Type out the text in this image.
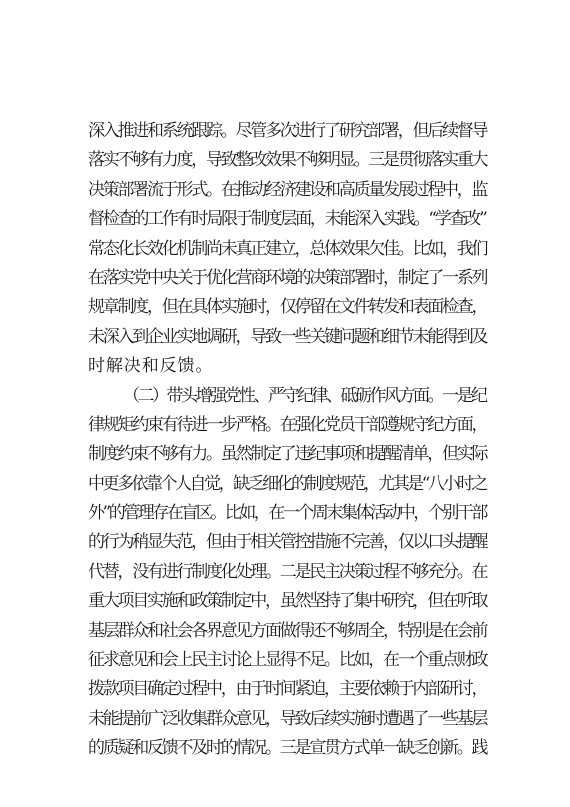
深入推进和系统跟踪。尽管多次进行了研究部署，但后续督导
落实不够有力度，导致整改效果不够明显。三是贯彻落实重大
决策部署流于形式。在推动经济建设和高质量发展过程中，监
督检查的工作有时局限于制度层面，未能深入实践。“学查改”
常态化长效化机制尚未真正建立，总体效果欠佳。比如，我们
在落实党中央关于优化营商环境的决策部署时，制定了一系列
规章制度，但在具体实施时，仅停留在文件转发和表面检查，
未深入到企业实地调研，导致一些关键问题和细节未能得到及
时解决和反馈。
（二）带头增强党性、严守纪律、砥砺作风方面。一是纪
律规矩约束有待进一步严格。在强化党员干部遵规守纪方面，
制度约束不够有力。虽然制定了违纪事项和提醒清单，但实际
中更多依靠个人自觉，缺乏细化的制度规范，尤其是“八小时之
外”的管理存在盲区。比如，在一个周末集体活动中，个别干部
的行为稍显失范，但由于相关管控措施不完善，仅以口头提醒
代替，没有进行制度化处理。二是民主决策过程不够充分。在
重大项目实施和政策制定中，虽然坚持了集中研究，但在听取
基层群众和社会各界意见方面做得还不够周全，特别是在会前
征求意见和会上民主讨论上显得不足。比如，在一个重点财政
拨款项目确定过程中，由于时间紧迫，主要依赖于内部研讨，
未能提前广泛收集群众意见，导致后续实施时遭遇了一些基层
的质疑和反馈不及时的情况。三是宣贯方式单一缺乏创新。践
